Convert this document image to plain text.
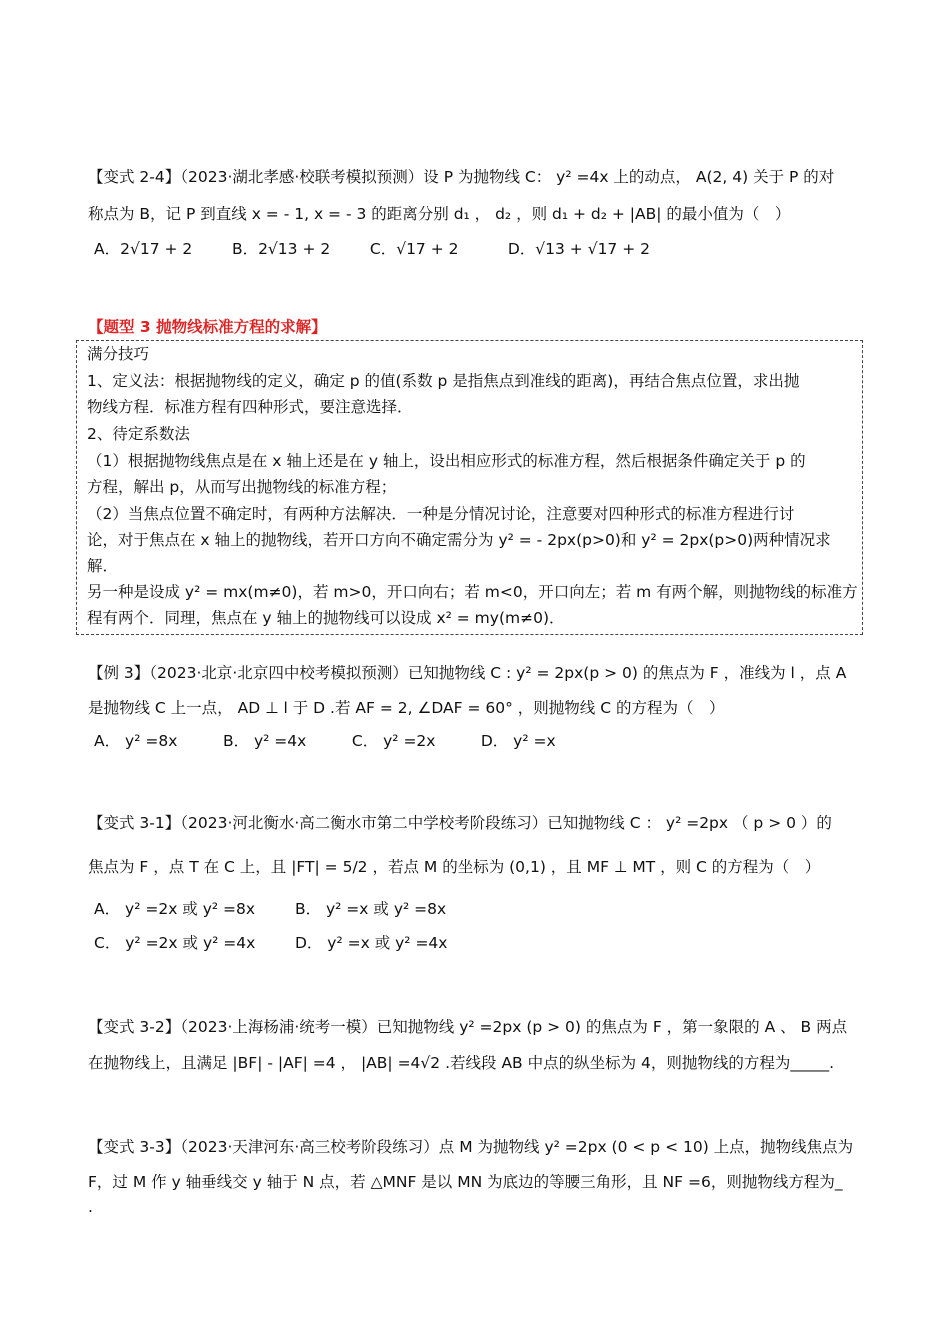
【变式 2-4】（2023·湖北孝感·校联考模拟预测）设 P 为抛物线 C： y² =4x 上的动点， A(2, 4) 关于 P 的对
称点为 B，记 P 到直线 x = - 1, x = - 3 的距离分别 d₁ ， d₂ ，则 d₁ + d₂ + |AB| 的最小值为（　）
A．2√17 + 2	B．2√13 + 2	C．√17 + 2	D．√13 + √17 + 2
【题型 3 抛物线标准方程的求解】
满分技巧
1、定义法：根据抛物线的定义，确定 p 的值(系数 p 是指焦点到准线的距离)，再结合焦点位置，求出抛
物线方程．标准方程有四种形式，要注意选择．
2、待定系数法
（1）根据抛物线焦点是在 x 轴上还是在 y 轴上，设出相应形式的标准方程，然后根据条件确定关于 p 的
方程，解出 p，从而写出抛物线的标准方程；
（2）当焦点位置不确定时，有两种方法解决．一种是分情况讨论，注意要对四种形式的标准方程进行讨
论，对于焦点在 x 轴上的抛物线，若开口方向不确定需分为 y² = - 2px(p>0)和 y² = 2px(p>0)两种情况求
解．
另一种是设成 y² = mx(m≠0)，若 m>0，开口向右；若 m<0，开口向左；若 m 有两个解，则抛物线的标准方
程有两个．同理，焦点在 y 轴上的抛物线可以设成 x² = my(m≠0)．
【例 3】（2023·北京·北京四中校考模拟预测）已知抛物线 C : y² = 2px(p > 0) 的焦点为 F ，准线为 l ，点 A
是抛物线 C 上一点， AD ⊥ l 于 D .若 AF = 2, ∠DAF = 60° ，则抛物线 C 的方程为（　）
A． y² =8x	B． y² =4x	C． y² =2x	D． y² =x
【变式 3-1】（2023·河北衡水·高二衡水市第二中学校考阶段练习）已知抛物线 C ： y² =2px （ p > 0 ）的
焦点为 F ，点 T 在 C 上，且 |FT| = 5/2 ，若点 M 的坐标为 (0,1) ，且 MF ⊥ MT ，则 C 的方程为（　）
A． y² =2x 或 y² =8x	B． y² =x 或 y² =8x
C． y² =2x 或 y² =4x	D． y² =x 或 y² =4x
【变式 3-2】（2023·上海杨浦·统考一模）已知抛物线 y² =2px (p > 0) 的焦点为 F ，第一象限的 A 、 B 两点
在抛物线上，且满足 |BF| - |AF| =4 ， |AB| =4√2 .若线段 AB 中点的纵坐标为 4，则抛物线的方程为_____.
【变式 3-3】（2023·天津河东·高三校考阶段练习）点 M 为抛物线 y² =2px (0 < p < 10) 上点，抛物线焦点为
F，过 M 作 y 轴垂线交 y 轴于 N 点，若 △MNF 是以 MN 为底边的等腰三角形，且 NF =6，则抛物线方程为_
.
